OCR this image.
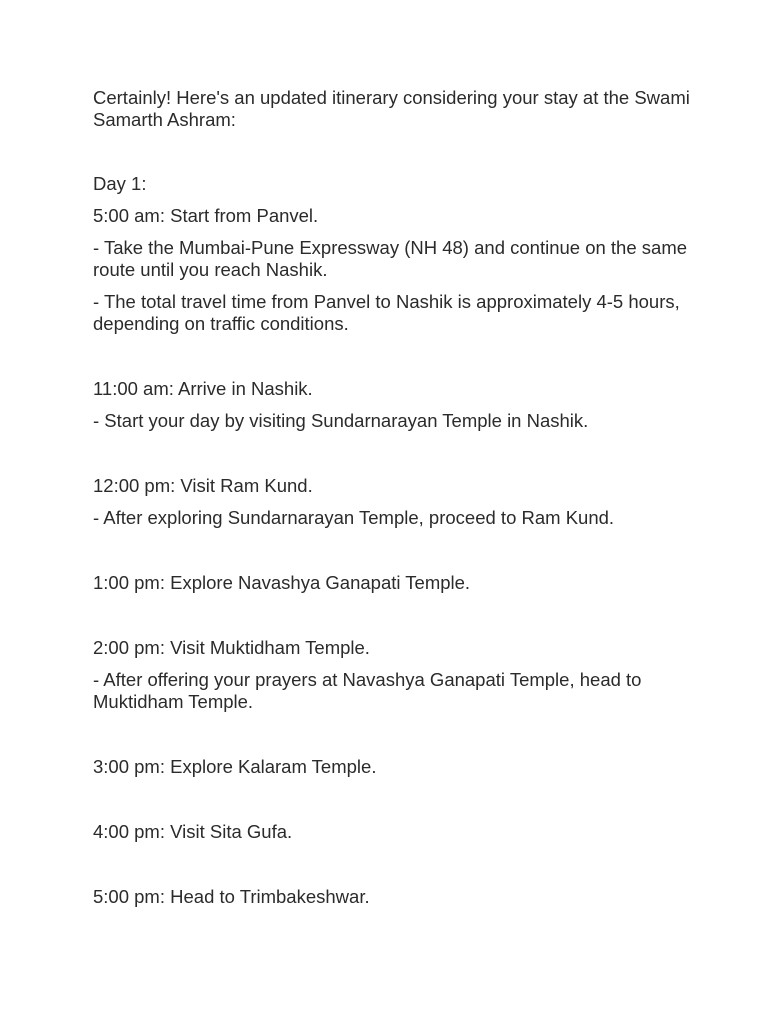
Certainly! Here's an updated itinerary considering your stay at the Swami Samarth Ashram:

Day 1:

5:00 am: Start from Panvel.

- Take the Mumbai-Pune Expressway (NH 48) and continue on the same route until you reach Nashik.

- The total travel time from Panvel to Nashik is approximately 4-5 hours, depending on traffic conditions.

11:00 am: Arrive in Nashik.

- Start your day by visiting Sundarnarayan Temple in Nashik.

12:00 pm: Visit Ram Kund.

- After exploring Sundarnarayan Temple, proceed to Ram Kund.

1:00 pm: Explore Navashya Ganapati Temple.

2:00 pm: Visit Muktidham Temple.

- After offering your prayers at Navashya Ganapati Temple, head to Muktidham Temple.

3:00 pm: Explore Kalaram Temple.

4:00 pm: Visit Sita Gufa.

5:00 pm: Head to Trimbakeshwar.
